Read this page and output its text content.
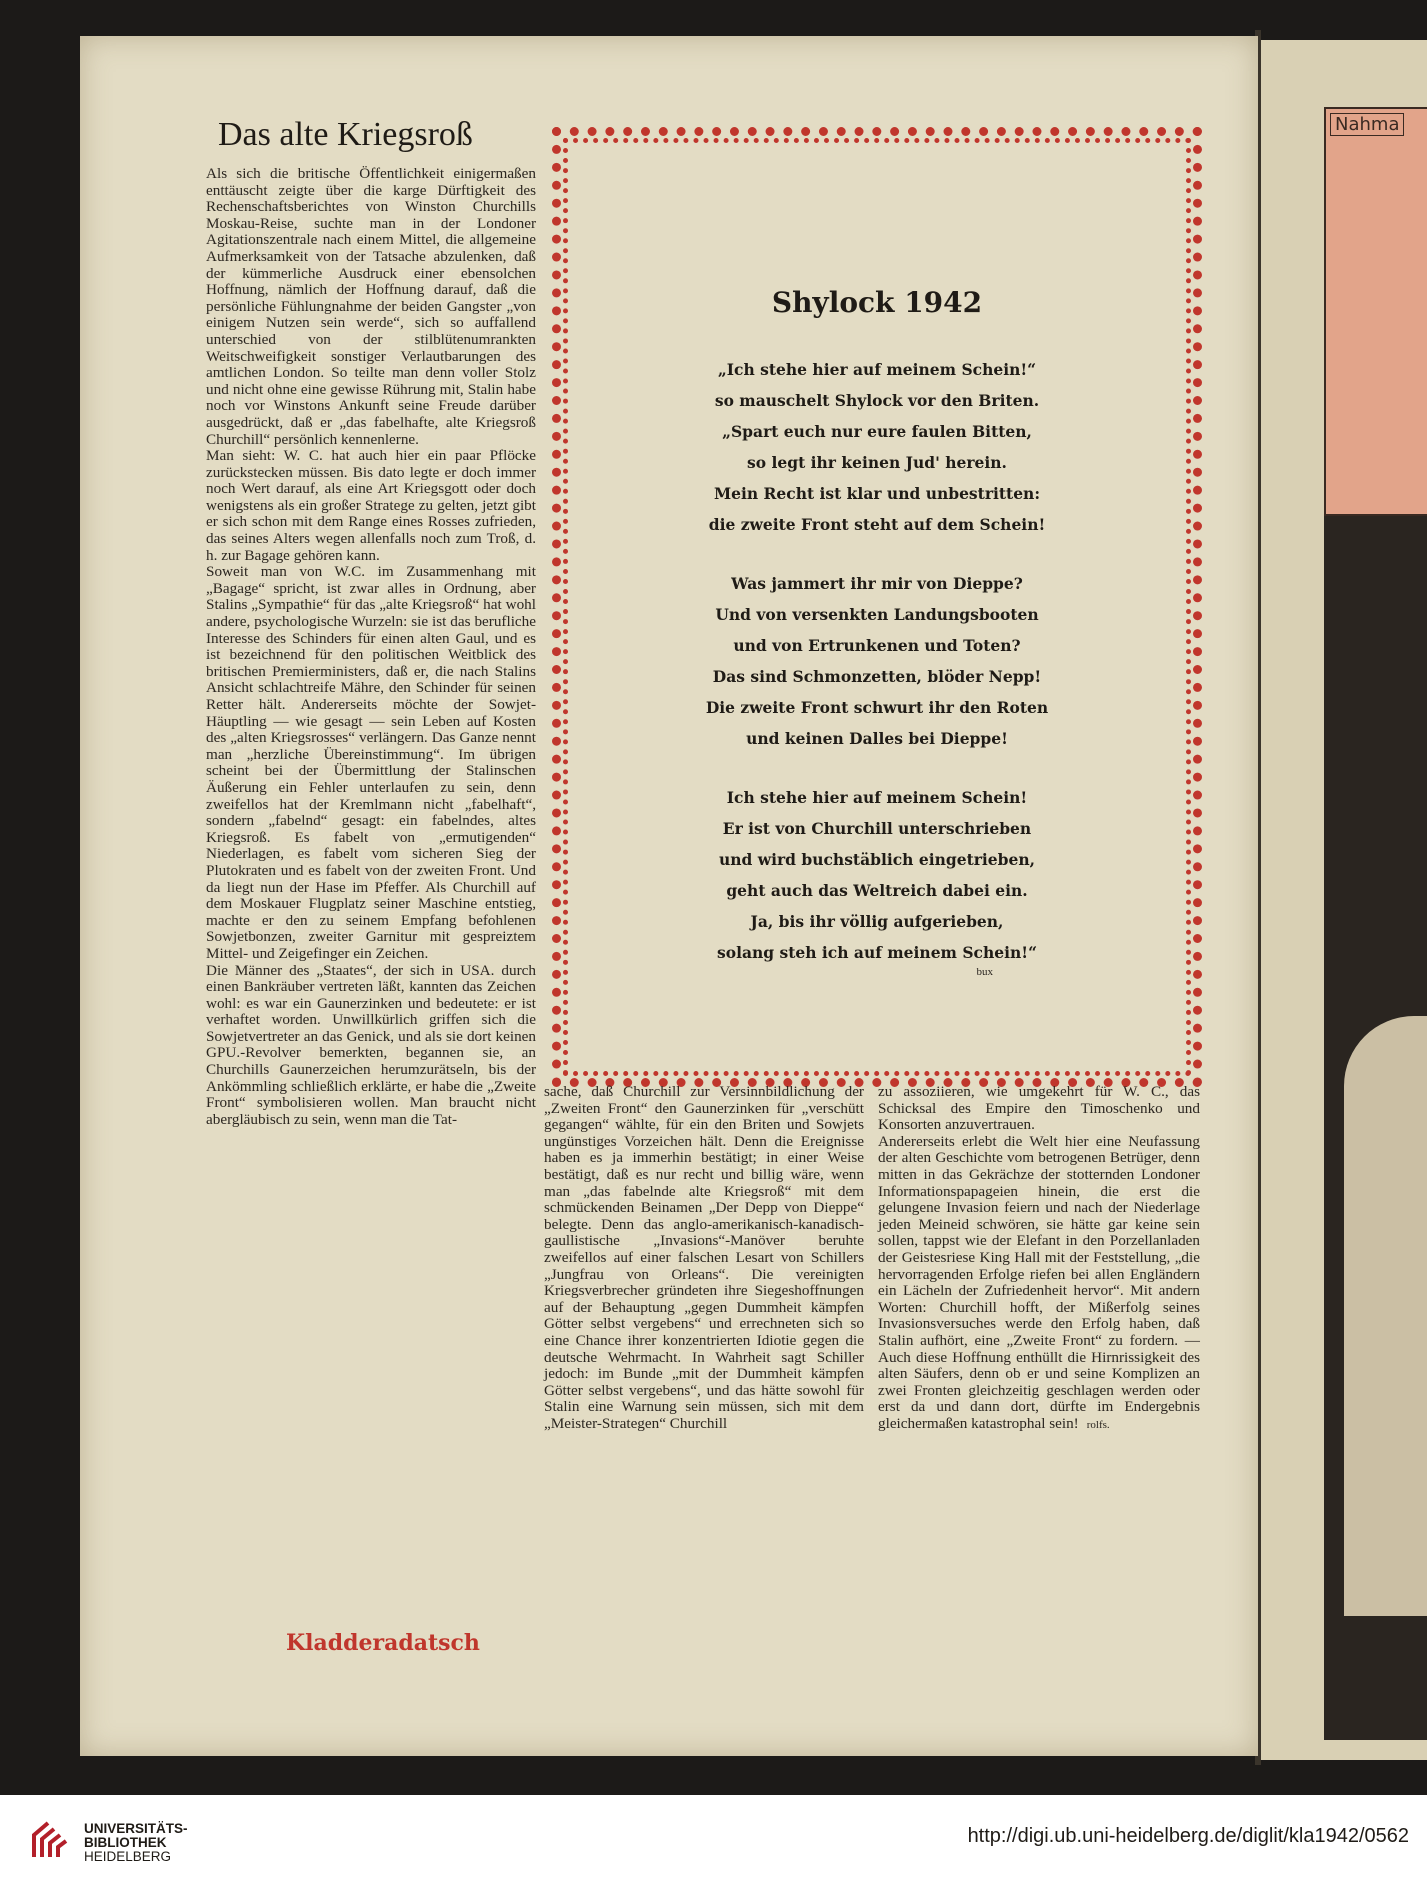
Nahma
Das alte Kriegsroß

Als sich die britische Öffentlichkeit einigermaßen enttäuscht zeigte über die karge Dürftigkeit des Rechenschaftsberichtes von Winston Churchills Moskau-Reise, suchte man in der Londoner Agitationszentrale nach einem Mittel, die allgemeine Aufmerksamkeit von der Tatsache abzulenken, daß der kümmerliche Ausdruck einer ebensolchen Hoffnung, nämlich der Hoffnung darauf, daß die persönliche Fühlungnahme der beiden Gangster „von einigem Nutzen sein werde“, sich so auffallend unterschied von der stilblütenumrankten Weitschweifigkeit sonstiger Verlautbarungen des amtlichen London. So teilte man denn voller Stolz und nicht ohne eine gewisse Rührung mit, Stalin habe noch vor Winstons Ankunft seine Freude darüber ausgedrückt, daß er „das fabelhafte, alte Kriegsroß Churchill“ persönlich kennenlerne.

Man sieht: W. C. hat auch hier ein paar Pflöcke zurückstecken müssen. Bis dato legte er doch immer noch Wert darauf, als eine Art Kriegsgott oder doch wenigstens als ein großer Stratege zu gelten, jetzt gibt er sich schon mit dem Range eines Rosses zufrieden, das seines Alters wegen allenfalls noch zum Troß, d. h. zur Bagage gehören kann.

Soweit man von W.C. im Zusammenhang mit „Bagage“ spricht, ist zwar alles in Ordnung, aber Stalins „Sympathie“ für das „alte Kriegsroß“ hat wohl andere, psychologische Wurzeln: sie ist das berufliche Interesse des Schinders für einen alten Gaul, und es ist bezeichnend für den politischen Weitblick des britischen Premierministers, daß er, die nach Stalins Ansicht schlachtreife Mähre, den Schinder für seinen Retter hält. Andererseits möchte der Sowjet-Häuptling — wie gesagt — sein Leben auf Kosten des „alten Kriegsrosses“ verlängern. Das Ganze nennt man „herzliche Übereinstimmung“. Im übrigen scheint bei der Übermittlung der Stalinschen Äußerung ein Fehler unterlaufen zu sein, denn zweifellos hat der Kremlmann nicht „fabelhaft“, sondern „fabelnd“ gesagt: ein fabelndes, altes Kriegsroß. Es fabelt von „ermutigenden“ Niederlagen, es fabelt vom sicheren Sieg der Plutokraten und es fabelt von der zweiten Front. Und da liegt nun der Hase im Pfeffer. Als Churchill auf dem Moskauer Flugplatz seiner Maschine entstieg, machte er den zu seinem Empfang befohlenen Sowjetbonzen, zweiter Garnitur mit gespreiztem Mittel- und Zeigefinger ein Zeichen.

Die Männer des „Staates“, der sich in USA. durch einen Bankräuber vertreten läßt, kannten das Zeichen wohl: es war ein Gaunerzinken und bedeutete: er ist verhaftet worden. Unwillkürlich griffen sich die Sowjetvertreter an das Genick, und als sie dort keinen GPU.-Revolver bemerkten, begannen sie, an Churchills Gaunerzeichen herumzurätseln, bis der Ankömmling schließlich erklärte, er habe die „Zweite Front“ symbolisieren wollen. Man braucht nicht abergläubisch zu sein, wenn man die Tat-

Shylock 1942
„Ich stehe hier auf meinem Schein!“
so mauschelt Shylock vor den Briten.
„Spart euch nur eure faulen Bitten,
so legt ihr keinen Jud' herein.
Mein Recht ist klar und unbestritten:
die zweite Front steht auf dem Schein!
Was jammert ihr mir von Dieppe?
Und von versenkten Landungsbooten
und von Ertrunkenen und Toten?
Das sind Schmonzetten, blöder Nepp!
Die zweite Front schwurt ihr den Roten
und keinen Dalles bei Dieppe!
Ich stehe hier auf meinem Schein!
Er ist von Churchill unterschrieben
und wird buchstäblich eingetrieben,
geht auch das Weltreich dabei ein.
Ja, bis ihr völlig aufgerieben,
solang steh ich auf meinem Schein!“
bux

sache, daß Churchill zur Versinnbildlichung der „Zweiten Front“ den Gaunerzinken für „verschütt gegangen“ wählte, für ein den Briten und Sowjets ungünstiges Vorzeichen hält. Denn die Ereignisse haben es ja immerhin bestätigt; in einer Weise bestätigt, daß es nur recht und billig wäre, wenn man „das fabelnde alte Kriegsroß“ mit dem schmückenden Beinamen „Der Depp von Dieppe“ belegte. Denn das anglo-amerikanisch-kanadisch-gaullistische „Invasions“-Manöver beruhte zweifellos auf einer falschen Lesart von Schillers „Jungfrau von Orleans“. Die vereinigten Kriegsverbrecher gründeten ihre Siegeshoffnungen auf der Behauptung „gegen Dummheit kämpfen Götter selbst vergebens“ und errechneten sich so eine Chance ihrer konzentrierten Idiotie gegen die deutsche Wehrmacht. In Wahrheit sagt Schiller jedoch: im Bunde „mit der Dummheit kämpfen Götter selbst vergebens“, und das hätte sowohl für Stalin eine Warnung sein müssen, sich mit dem „Meister-Strategen“ Churchill

zu assoziieren, wie umgekehrt für W. C., das Schicksal des Empire den Timoschenko und Konsorten anzuvertrauen.

Andererseits erlebt die Welt hier eine Neufassung der alten Geschichte vom betrogenen Betrüger, denn mitten in das Gekrächze der stotternden Londoner Informationspapageien hinein, die erst die gelungene Invasion feiern und nach der Niederlage jeden Meineid schwören, sie hätte gar keine sein sollen, tappst wie der Elefant in den Porzellanladen der Geistesriese King Hall mit der Feststellung, „die hervorragenden Erfolge riefen bei allen Engländern ein Lächeln der Zufriedenheit hervor“. Mit andern Worten: Churchill hofft, der Mißerfolg seines Invasionsversuches werde den Erfolg haben, daß Stalin aufhört, eine „Zweite Front“ zu fordern. — Auch diese Hoffnung enthüllt die Hirnrissigkeit des alten Säufers, denn ob er und seine Komplizen an zwei Fronten gleichzeitig geschlagen werden oder erst da und dann dort, dürfte im Endergebnis gleichermaßen katastrophal sein! rolfs.

Kladderadatsch
UNIVERSITÄTS-
BIBLIOTHEK
HEIDELBERG
http://digi.ub.uni-heidelberg.de/diglit/kla1942/0562
